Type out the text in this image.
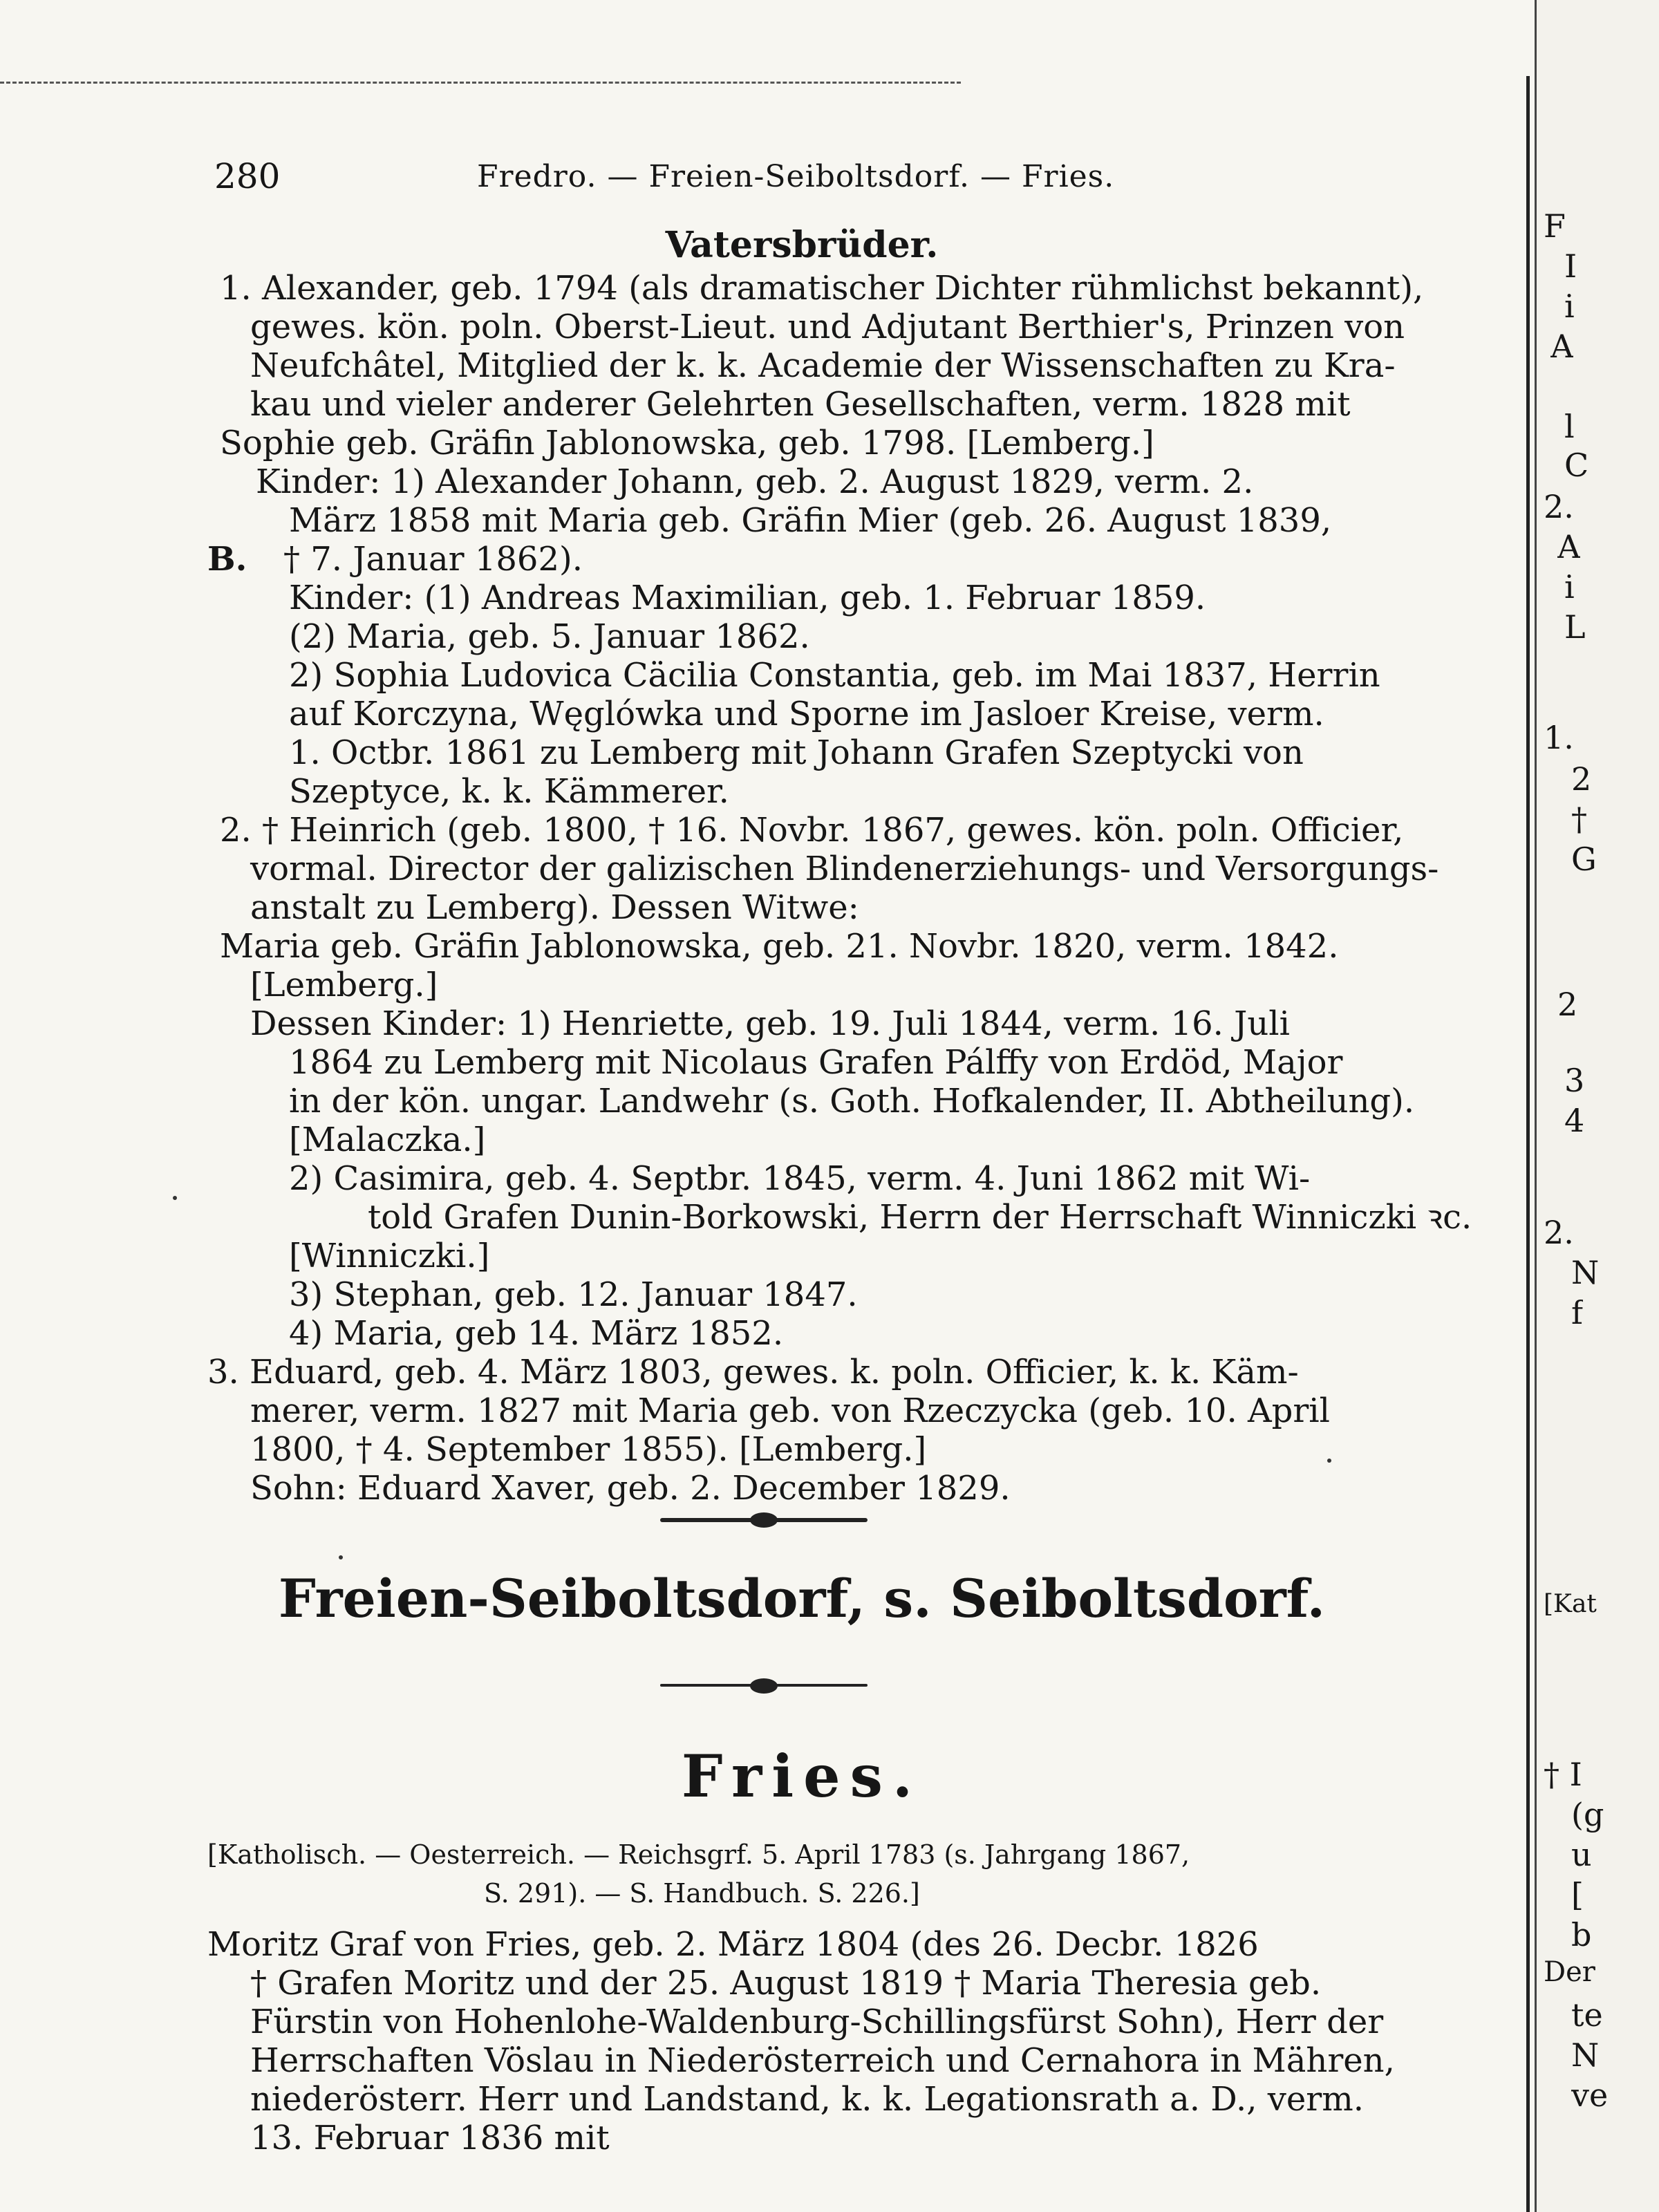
F
I
i
A
l
C
2.
A
i
L
1.
2
†
G
2
3
4
2.
N
f
[Kat
† I
(g
u
[
b
Der
te
N
ve
280	Fredro. — Freien-Seiboltsdorf. — Fries.
Vatersbrüder.
1. Alexander, geb. 1794 (als dramatischer Dichter rühmlichst bekannt),
gewes. kön. poln. Oberst-Lieut. und Adjutant Berthier's, Prinzen von
Neufchâtel, Mitglied der k. k. Academie der Wissenschaften zu Kra-
kau und vieler anderer Gelehrten Gesellschaften, verm. 1828 mit
Sophie geb. Gräfin Jablonowska, geb. 1798. [Lemberg.]
Kinder: 1) Alexander Johann, geb. 2. August 1829, verm. 2.
März 1858 mit Maria geb. Gräfin Mier (geb. 26. August 1839,
B. † 7. Januar 1862).
Kinder: (1) Andreas Maximilian, geb. 1. Februar 1859.
(2) Maria, geb. 5. Januar 1862.
2) Sophia Ludovica Cäcilia Constantia, geb. im Mai 1837, Herrin
auf Korczyna, Węglówka und Sporne im Jasloer Kreise, verm.
1. Octbr. 1861 zu Lemberg mit Johann Grafen Szeptycki von
Szeptyce, k. k. Kämmerer.
2. † Heinrich (geb. 1800, † 16. Novbr. 1867, gewes. kön. poln. Officier,
vormal. Director der galizischen Blindenerziehungs- und Versorgungs-
anstalt zu Lemberg). Dessen Witwe:
Maria geb. Gräfin Jablonowska, geb. 21. Novbr. 1820, verm. 1842.
[Lemberg.]
Dessen Kinder: 1) Henriette, geb. 19. Juli 1844, verm. 16. Juli
1864 zu Lemberg mit Nicolaus Grafen Pálffy von Erdöd, Major
in der kön. ungar. Landwehr (s. Goth. Hofkalender, II. Abtheilung).
[Malaczka.]
2) Casimira, geb. 4. Septbr. 1845, verm. 4. Juni 1862 mit Wi-
told Grafen Dunin-Borkowski, Herrn der Herrschaft Winniczki ꝛc.
[Winniczki.]
3) Stephan, geb. 12. Januar 1847.
4) Maria, geb 14. März 1852.
3. Eduard, geb. 4. März 1803, gewes. k. poln. Officier, k. k. Käm-
merer, verm. 1827 mit Maria geb. von Rzeczycka (geb. 10. April
1800, † 4. September 1855). [Lemberg.]
Sohn: Eduard Xaver, geb. 2. December 1829.
Freien-Seiboltsdorf, s. Seiboltsdorf.
Fries.
[Katholisch. — Oesterreich. — Reichsgrf. 5. April 1783 (s. Jahrgang 1867,
S. 291). — S. Handbuch. S. 226.]
Moritz Graf von Fries, geb. 2. März 1804 (des 26. Decbr. 1826
† Grafen Moritz und der 25. August 1819 † Maria Theresia geb.
Fürstin von Hohenlohe-Waldenburg-Schillingsfürst Sohn), Herr der
Herrschaften Vöslau in Niederösterreich und Cernahora in Mähren,
niederösterr. Herr und Landstand, k. k. Legationsrath a. D., verm.
13. Februar 1836 mit
